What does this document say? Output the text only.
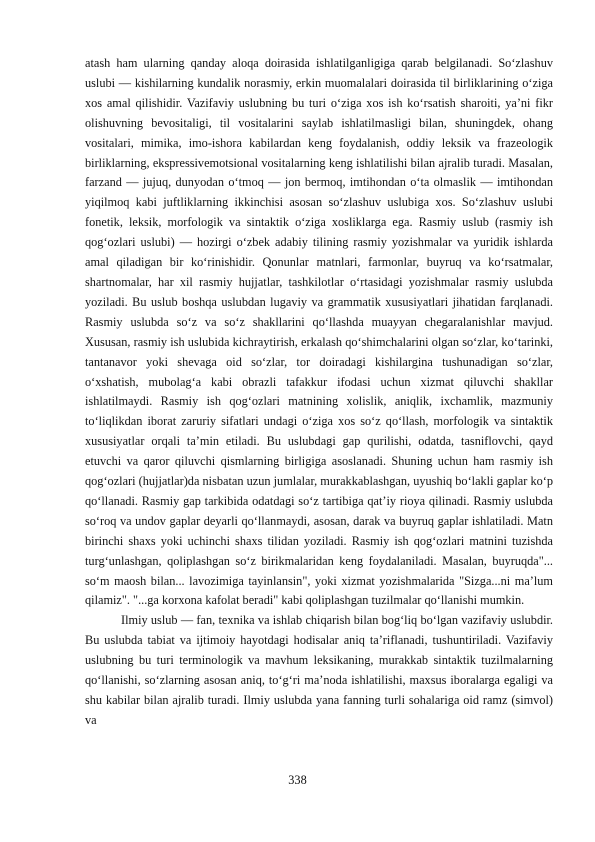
atash ham ularning qanday aloqa doirasida ishlatilganligiga qarab belgilanadi. So‘zlashuv uslubi — kishilarning kundalik norasmiy, erkin muomalalari doirasida til birliklarining o‘ziga xos amal qilishidir. Vazifaviy uslubning bu turi o‘ziga xos ish ko‘rsatish sharoiti, ya’ni fikr olishuvning bevositaligi, til vositalarini saylab ishlatilmasligi bilan, shuningdek, ohang vositalari, mimika, imo-ishora kabilardan keng foydalanish, oddiy leksik va frazeologik birliklarning, ekspressivemotsional vositalarning keng ishlatilishi bilan ajralib turadi. Masalan, farzand — jujuq, dunyodan o‘tmoq — jon bermoq, imtihondan o‘ta olmaslik — imtihondan yiqilmoq kabi juftliklarning ikkinchisi asosan so‘zlashuv uslubiga xos. So‘zlashuv uslubi fonetik, leksik, morfologik va sintaktik o‘ziga xosliklarga ega. Rasmiy uslub (rasmiy ish qog‘ozlari uslubi) — hozirgi o‘zbek adabiy tilining rasmiy yozishmalar va yuridik ishlarda amal qiladigan bir ko‘rinishidir. Qonunlar matnlari, farmonlar, buyruq va ko‘rsatmalar, shartnomalar, har xil rasmiy hujjatlar, tashkilotlar o‘rtasidagi yozishmalar rasmiy uslubda yoziladi. Bu uslub boshqa uslubdan lugaviy va grammatik xususiyatlari jihatidan farqlanadi. Rasmiy uslubda so‘z va so‘z shakllarini qo‘llashda muayyan chegaralanishlar mavjud. Xususan, rasmiy ish uslubida kichraytirish, erkalash qo‘shimchalarini olgan so‘zlar, ko‘tarinki, tantanavor yoki shevaga oid so‘zlar, tor doiradagi kishilargina tushunadigan so‘zlar, o‘xshatish, mubolag‘a kabi obrazli tafakkur ifodasi uchun xizmat qiluvchi shakllar ishlatilmaydi. Rasmiy ish qog‘ozlari matnining xolislik, aniqlik, ixchamlik, mazmuniy to‘liqlikdan iborat zaruriy sifatlari undagi o‘ziga xos so‘z qo‘llash, morfologik va sintaktik xususiyatlar orqali ta’min etiladi. Bu uslubdagi gap qurilishi, odatda, tasniflovchi, qayd etuvchi va qaror qiluvchi qismlarning birligiga asoslanadi. Shuning uchun ham rasmiy ish qog‘ozlari (hujjatlar)da nisbatan uzun jumlalar, murakkablashgan, uyushiq bo‘lakli gaplar ko‘p qo‘llanadi. Rasmiy gap tarkibida odatdagi so‘z tartibiga qat’iy rioya qilinadi. Rasmiy uslubda so‘roq va undov gaplar deyarli qo‘llanmaydi, asosan, darak va buyruq gaplar ishlatiladi. Matn birinchi shaxs yoki uchinchi shaxs tilidan yoziladi. Rasmiy ish qog‘ozlari matnini tuzishda turg‘unlashgan, qoliplashgan so‘z birikmalaridan keng foydalaniladi. Masalan, buyruqda"... so‘m maosh bilan... lavozimiga tayinlansin", yoki xizmat yozishmalarida "Sizga...ni ma’lum qilamiz". "...ga korxona kafolat beradi" kabi qoliplashgan tuzilmalar qo‘llanishi mumkin.

Ilmiy uslub — fan, texnika va ishlab chiqarish bilan bog‘liq bo‘lgan vazifaviy uslubdir. Bu uslubda tabiat va ijtimoiy hayotdagi hodisalar aniq ta’riflanadi, tushuntiriladi. Vazifaviy uslubning bu turi terminologik va mavhum leksikaning, murakkab sintaktik tuzilmalarning qo‘llanishi, so‘zlarning asosan aniq, to‘g‘ri ma’noda ishlatilishi, maxsus iboralarga egaligi va shu kabilar bilan ajralib turadi. Ilmiy uslubda yana fanning turli sohalariga oid ramz (simvol) va

338
